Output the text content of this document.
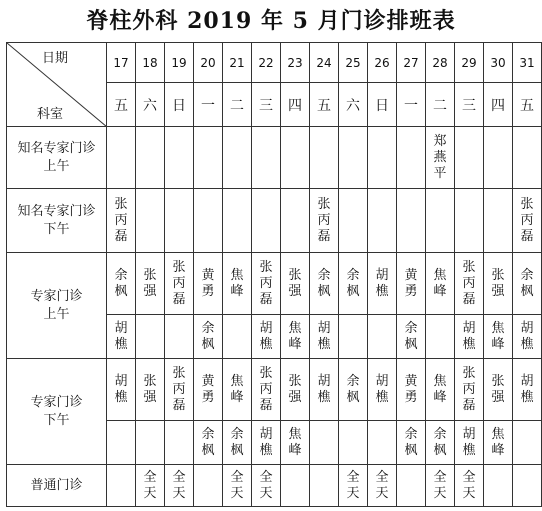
脊柱外科 2019 年 5 月门诊排班表
日期
科室	17	18	19	20	21	22	23	24	25	26	27	28	29	30	31
	五	六	日	一	二	三	四	五	六	日	一	二	三	四	五

知名专家门诊
上午												郑燕平			

知名专家门诊
下午	张丙磊							张丙磊							张丙磊

专家门诊
上午	余枫	张强	张丙磊	黄勇	焦峰	张丙磊	张强	余枫	余枫	胡樵	黄勇	焦峰	张丙磊	张强	余枫

	胡樵			余枫		胡樵	焦峰	胡樵			余枫		胡樵	焦峰	胡樵

专家门诊
下午	胡樵	张强	张丙磊	黄勇	焦峰	张丙磊	张强	胡樵	余枫	胡樵	黄勇	焦峰	张丙磊	张强	胡樵

				余枫	余枫	胡樵	焦峰				余枫	余枫	胡樵	焦峰	

普通门诊		全天	全天		全天	全天			全天	全天		全天	全天		
